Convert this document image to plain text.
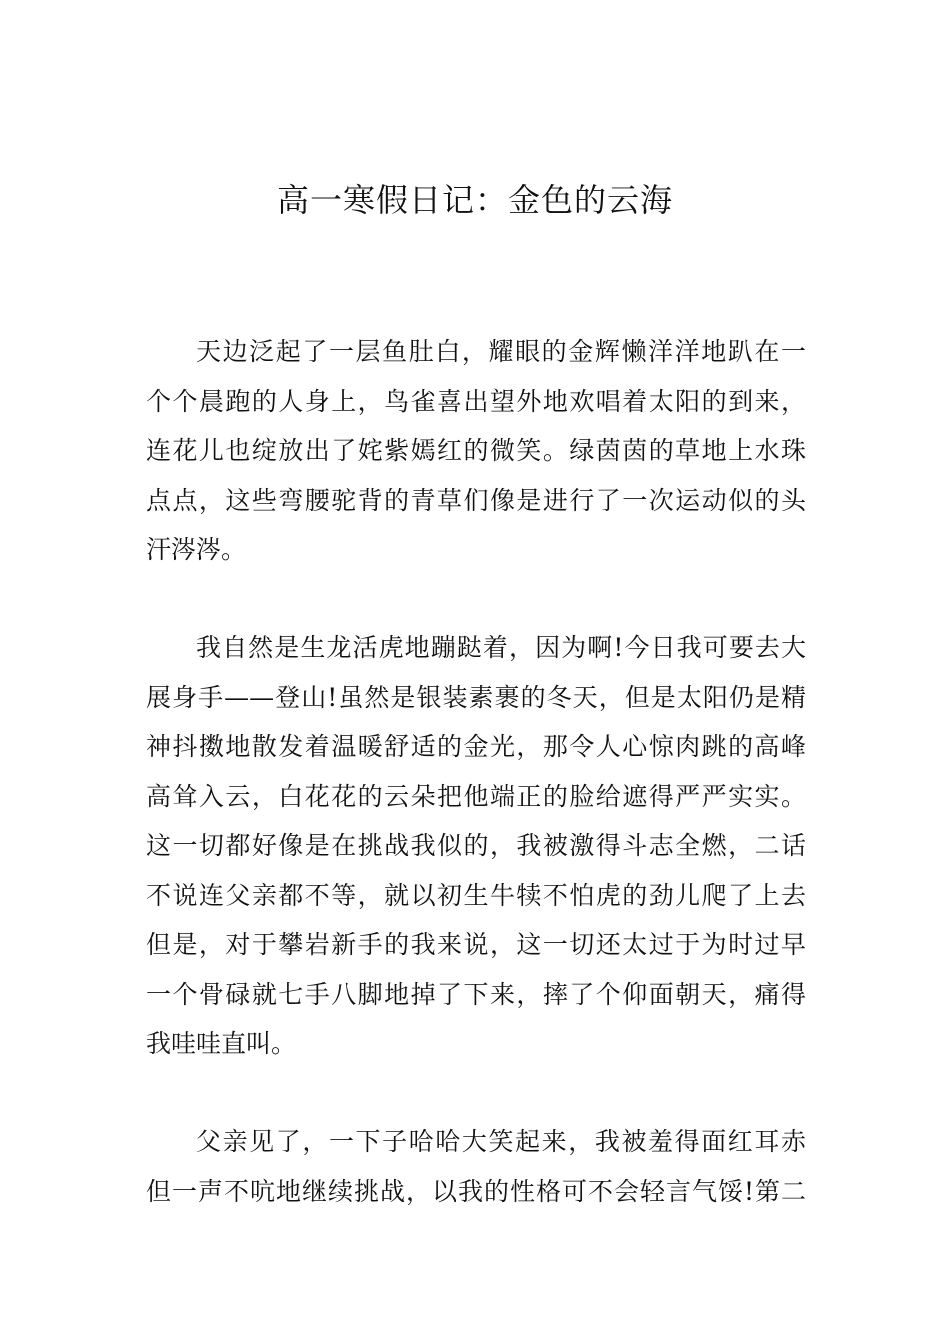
高一寒假日记：金色的云海
天边泛起了一层鱼肚白，耀眼的金辉懒洋洋地趴在一
个个晨跑的人身上，鸟雀喜出望外地欢唱着太阳的到来，
连花儿也绽放出了姹紫嫣红的微笑。绿茵茵的草地上水珠
点点，这些弯腰驼背的青草们像是进行了一次运动似的头
汗涔涔。
我自然是生龙活虎地蹦跶着，因为啊!今日我可要去大
展身手——登山!虽然是银装素裹的冬天，但是太阳仍是精
神抖擞地散发着温暖舒适的金光，那令人心惊肉跳的高峰
高耸入云，白花花的云朵把他端正的脸给遮得严严实实。
这一切都好像是在挑战我似的，我被激得斗志全燃，二话
不说连父亲都不等，就以初生牛犊不怕虎的劲儿爬了上去
但是，对于攀岩新手的我来说，这一切还太过于为时过早
一个骨碌就七手八脚地掉了下来，摔了个仰面朝天，痛得
我哇哇直叫。
父亲见了，一下子哈哈大笑起来，我被羞得面红耳赤
但一声不吭地继续挑战，以我的性格可不会轻言气馁!第二
